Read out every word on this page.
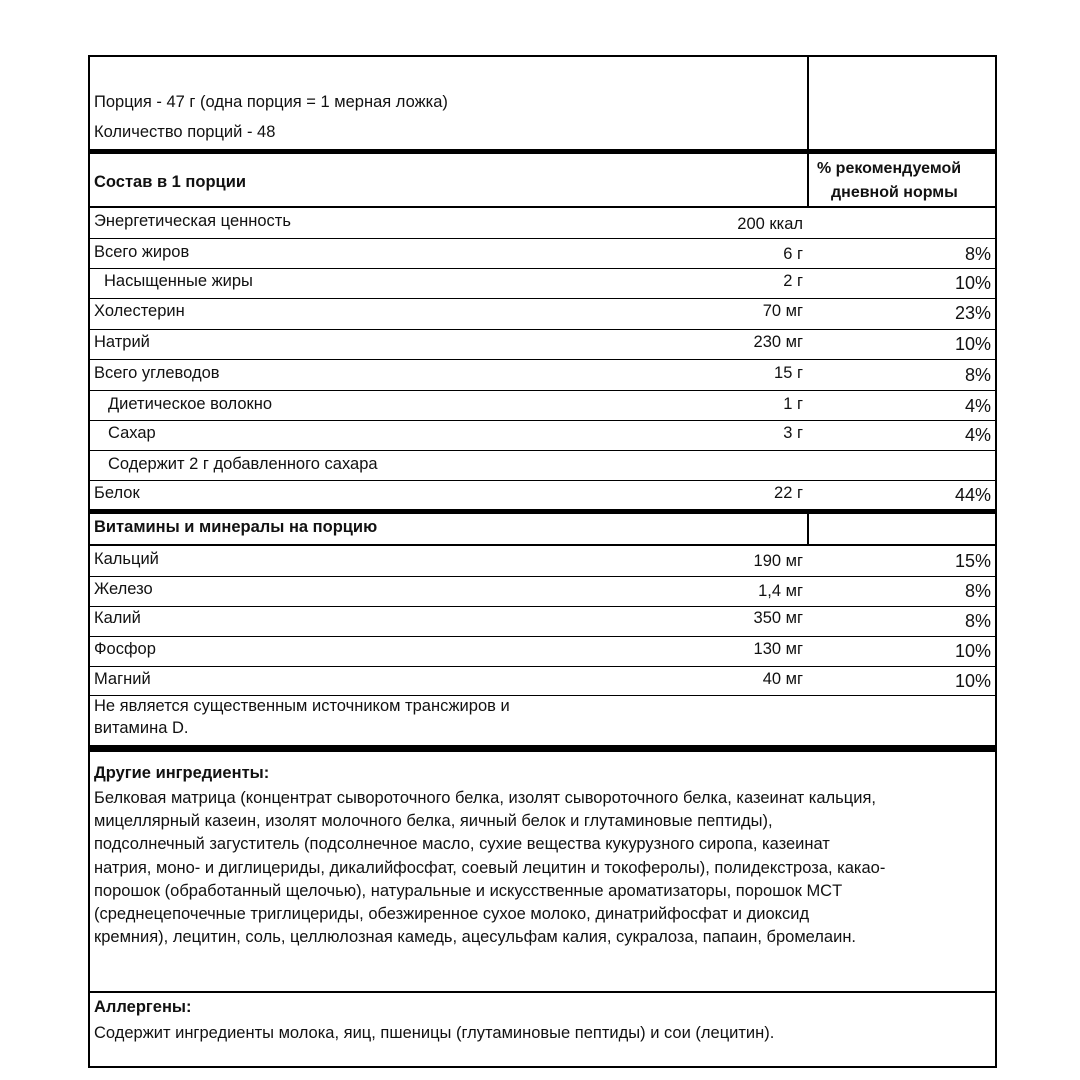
Порция - 47 г (одна порция = 1 мерная ложка)
Количество порций - 48
Состав в 1 порции
% рекомендуемой
дневной нормы
Энергетическая ценность	200 ккал
Всего жиров	6 г	8%
Насыщенные жиры	2 г	10%
Холестерин	70 мг	23%
Натрий	230 мг	10%
Всего углеводов	15 г	8%
Диетическое волокно	1 г	4%
Сахар	3 г	4%
Содержит 2 г добавленного сахара
Белок	22 г	44%
Витамины и минералы на порцию
Кальций	190 мг	15%
Железо	1,4 мг	8%
Калий	350 мг	8%
Фосфор	130 мг	10%
Магний	40 мг	10%
Не является существенным источником трансжиров и
витамина D.
Другие ингредиенты:
Белковая матрица (концентрат сывороточного белка, изолят сывороточного белка, казеинат кальция,
мицеллярный казеин, изолят молочного белка, яичный белок и глутаминовые пептиды),
подсолнечный загуститель (подсолнечное масло, сухие вещества кукурузного сиропа, казеинат
натрия, моно- и диглицериды, дикалийфосфат, соевый лецитин и токоферолы), полидекстроза, какао-
порошок (обработанный щелочью), натуральные и искусственные ароматизаторы, порошок MCT
(среднецепочечные триглицериды, обезжиренное сухое молоко, динатрийфосфат и диоксид
кремния), лецитин, соль, целлюлозная камедь, ацесульфам калия, сукралоза, папаин, бромелаин.
Аллергены:
Содержит ингредиенты молока, яиц, пшеницы (глутаминовые пептиды) и сои (лецитин).
